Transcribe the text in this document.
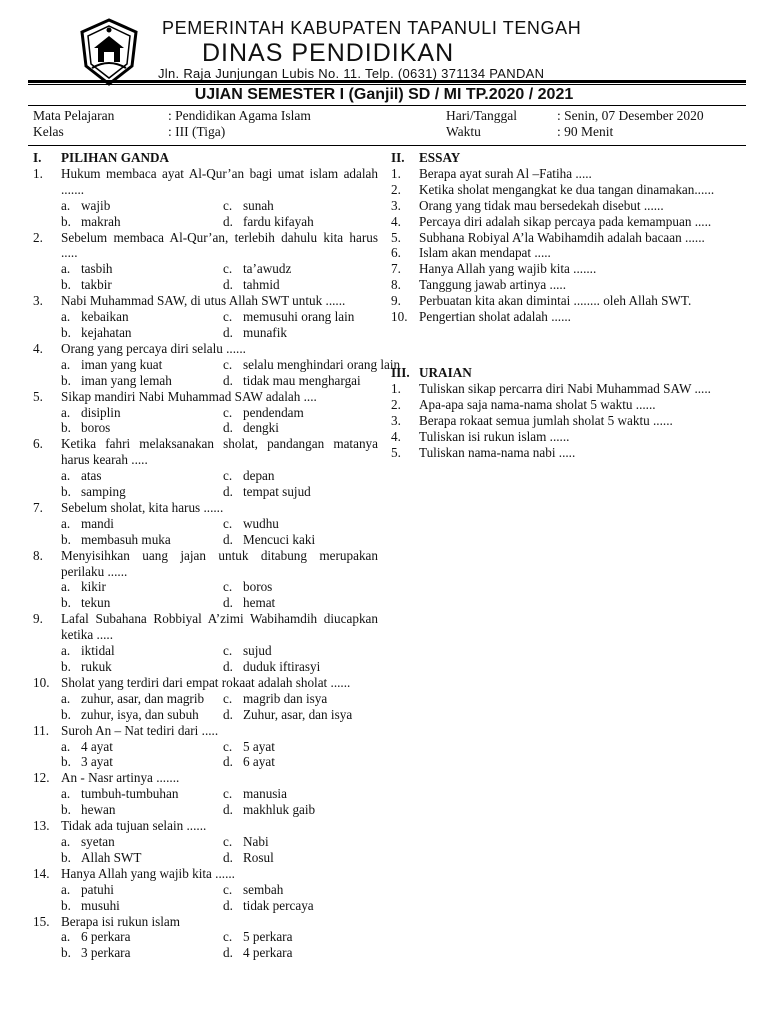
PEMERINTAH KABUPATEN TAPANULI TENGAH
DINAS PENDIDIKAN
Jln. Raja Junjungan Lubis No. 11. Telp. (0631) 371134 PANDAN
UJIAN SEMESTER I (Ganjil) SD / MI TP.2020 / 2021
Mata Pelajaran	: Pendidikan Agama Islam
Kelas	: III (Tiga)
Hari/Tanggal	: Senin, 07 Desember 2020
Waktu	: 90 Menit
I.	PILIHAN GANDA
1.	Hukum membaca ayat Al-Qur’an bagi umat islam adalah .......
a. wajib	c. sunah
b. makrah	d. fardu kifayah
2.	Sebelum membaca Al-Qur’an, terlebih dahulu kita harus .....
a. tasbih	c. ta’awudz
b. takbir	d. tahmid
3.	Nabi Muhammad SAW, di utus Allah SWT untuk ......
a. kebaikan	c. memusuhi orang lain
b. kejahatan	d. munafik
4.	Orang yang percaya diri selalu ......
a. iman yang kuat	c. selalu menghindari orang lain
b. iman yang lemah	d. tidak mau menghargai
5.	Sikap mandiri Nabi Muhammad SAW adalah ....
a. disiplin	c. pendendam
b. boros	d. dengki
6.	Ketika fahri melaksanakan sholat, pandangan matanya harus kearah .....
a. atas	c. depan
b. samping	d. tempat sujud
7.	Sebelum sholat, kita harus ......
a. mandi	c. wudhu
b. membasuh muka	d. Mencuci kaki
8.	Menyisihkan uang jajan untuk ditabung merupakan perilaku ......
a. kikir	c. boros
b. tekun	d. hemat
9.	Lafal Subahana Robbiyal A’zimi Wabihamdih diucapkan ketika .....
a. iktidal	c. sujud
b. rukuk	d. duduk iftirasyi
10. Sholat yang terdiri dari empat rokaat adalah sholat ......
a. zuhur, asar, dan magrib c. magrib dan isya
b. zuhur, isya, dan subuh d. Zuhur, asar, dan isya
11. Suroh An – Nat tediri dari .....
a. 4 ayat	c. 5 ayat
b. 3 ayat	d. 6 ayat
12. An - Nasr artinya .......
a. tumbuh-tumbuhan	c. manusia
b. hewan	d. makhluk gaib
13. Tidak ada tujuan selain ......
a. syetan	c. Nabi
b. Allah SWT	d. Rosul
14. Hanya Allah yang wajib kita ......
a. patuhi	c. sembah
b. musuhi	d. tidak percaya
15. Berapa isi rukun islam
a. 6 perkara	c. 5 perkara
b. 3 perkara	d. 4 perkara
II.	ESSAY
1.	Berapa ayat surah Al –Fatiha .....
2.	Ketika sholat mengangkat ke dua tangan dinamakan......
3.	Orang yang tidak mau bersedekah disebut ......
4.	Percaya diri adalah sikap percaya pada kemampuan .....
5.	Subhana Robiyal A’la Wabihamdih adalah bacaan ......
6.	Islam akan mendapat .....
7.	Hanya Allah yang wajib kita .......
8.	Tanggung jawab artinya .....
9.	Perbuatan kita akan dimintai ........ oleh Allah SWT.
10. Pengertian sholat adalah ......
III. URAIAN
1.	Tuliskan sikap percarra diri Nabi Muhammad SAW .....
2.	Apa-apa saja nama-nama sholat 5 waktu ......
3.	Berapa rokaat semua jumlah sholat 5 waktu ......
4.	Tuliskan isi rukun islam ......
5.	Tuliskan nama-nama nabi .....
